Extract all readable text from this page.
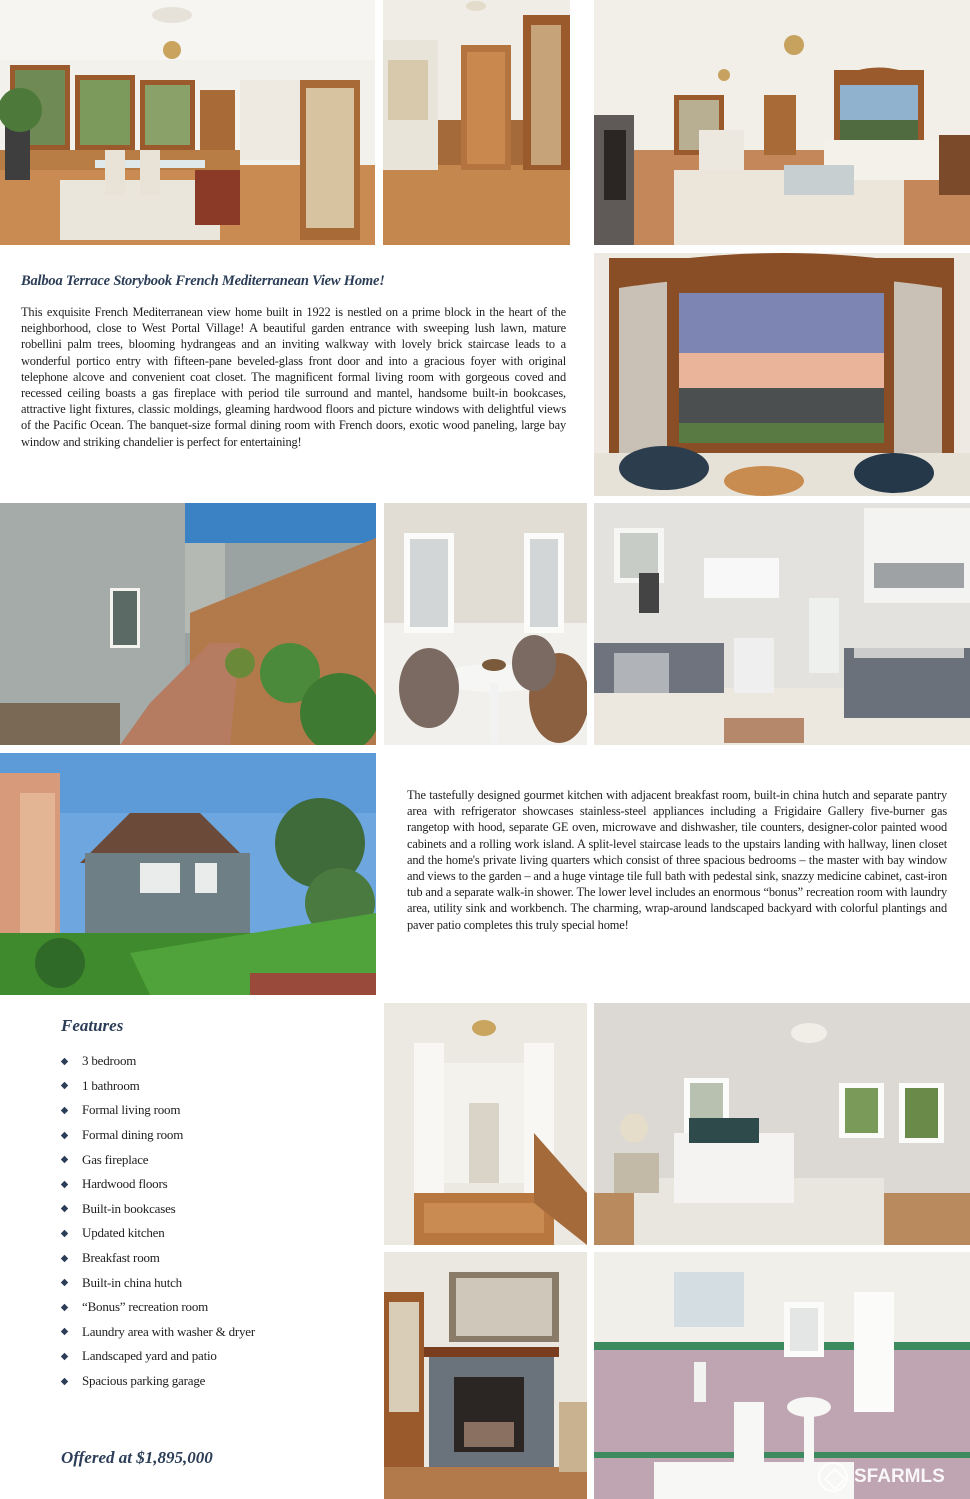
Balboa Terrace Storybook French Mediterranean View Home!

This exquisite French Mediterranean view home built in 1922 is nestled on a prime block in the heart of the neighborhood, close to West Portal Village! A beautiful garden entrance with sweeping lush lawn, mature robellini palm trees, blooming hydrangeas and an inviting walkway with lovely brick staircase leads to a wonderful portico entry with fifteen-pane beveled-glass front door and into a gracious foyer with original telephone alcove and convenient coat closet. The magnificent formal living room with gorgeous coved and recessed ceiling boasts a gas fireplace with period tile surround and mantel, handsome built-in bookcases, attractive light fixtures, classic moldings, gleaming hardwood floors and picture windows with delightful views of the Pacific Ocean. The banquet-size formal dining room with French doors, exotic wood paneling, large bay window and striking chandelier is perfect for entertaining!

The tastefully designed gourmet kitchen with adjacent breakfast room, built-in china hutch and separate pantry area with refrigerator showcases stainless-steel appliances including a Frigidaire Gallery five-burner gas rangetop with hood, separate GE oven, microwave and dishwasher, tile counters, designer-color painted wood cabinets and a rolling work island. A split-level staircase leads to the upstairs landing with hallway, linen closet and the home's private living quarters which consist of three spacious bedrooms – the master with bay window and views to the garden – and a huge vintage tile full bath with pedestal sink, snazzy medicine cabinet, cast-iron tub and a separate walk-in shower. The lower level includes an enormous “bonus” recreation room with laundry area, utility sink and workbench. The charming, wrap-around landscaped backyard with colorful plantings and paver patio completes this truly special home!

Features
3 bedroom
1 bathroom
Formal living room
Formal dining room
Gas fireplace
Hardwood floors
Built-in bookcases
Updated kitchen
Breakfast room
Built-in china hutch
“Bonus” recreation room
Laundry area with washer & dryer
Landscaped yard and patio
Spacious parking garage
Offered at $1,895,000
SFARMLS
